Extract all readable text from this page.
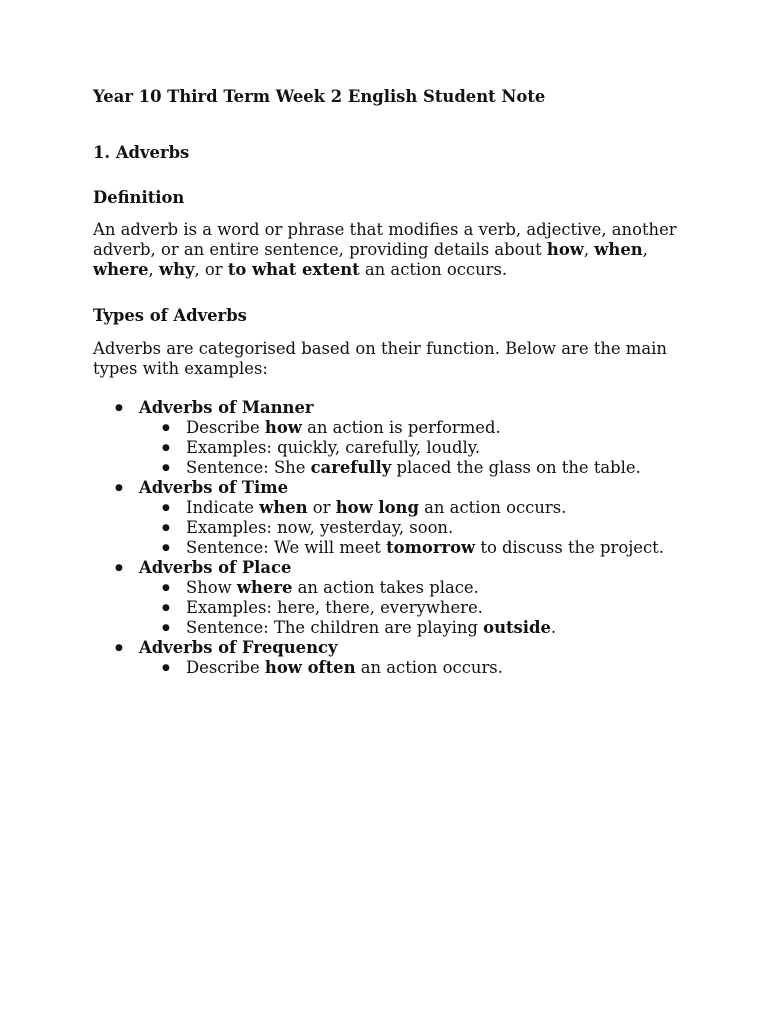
Year 10 Third Term Week 2 English Student Note
1. Adverbs
Definition
An adverb is a word or phrase that modifies a verb, adjective, another
adverb, or an entire sentence, providing details about how, when,
where, why, or to what extent an action occurs.
Types of Adverbs
Adverbs are categorised based on their function. Below are the main
types with examples:
● Adverbs of Manner
● Describe how an action is performed.
● Examples: quickly, carefully, loudly.
● Sentence: She carefully placed the glass on the table.
● Adverbs of Time
● Indicate when or how long an action occurs.
● Examples: now, yesterday, soon.
● Sentence: We will meet tomorrow to discuss the project.
● Adverbs of Place
● Show where an action takes place.
● Examples: here, there, everywhere.
● Sentence: The children are playing outside.
● Adverbs of Frequency
● Describe how often an action occurs.
